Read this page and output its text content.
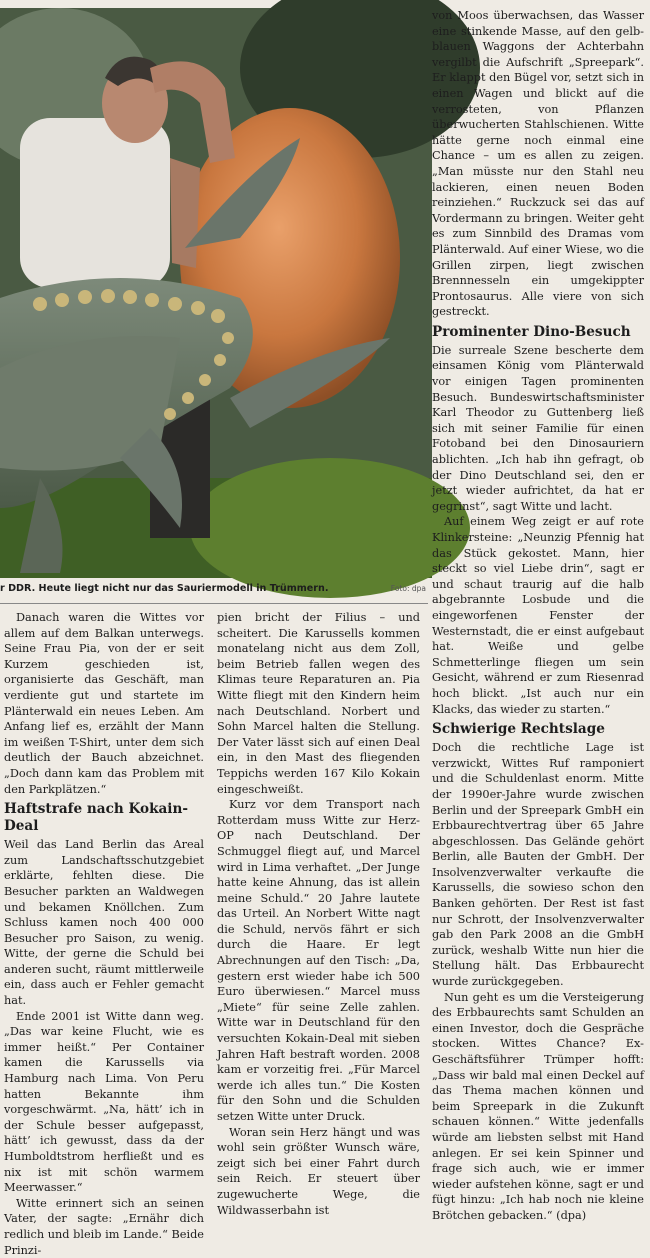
r DDR. Heute liegt nicht nur das Sauriermodell in Trümmern.	Foto: dpa

Danach waren die Wittes vor allem auf dem Balkan unterwegs. Seine Frau Pia, von der er seit Kurzem geschieden ist, organisierte das Geschäft, man verdiente gut und startete im Plänterwald ein neues Leben. Am Anfang lief es, erzählt der Mann im weißen T-Shirt, unter dem sich deutlich der Bauch abzeichnet. „Doch dann kam das Problem mit den Parkplätzen.“

Haftstrafe nach Kokain-Deal

Weil das Land Berlin das Areal zum Landschaftsschutzgebiet erklärte, fehlten diese. Die Besucher parkten an Waldwegen und bekamen Knöllchen. Zum Schluss kamen noch 400 000 Besucher pro Saison, zu wenig. Witte, der gerne die Schuld bei anderen sucht, räumt mittlerweile ein, dass auch er Fehler gemacht hat.

Ende 2001 ist Witte dann weg. „Das war keine Flucht, wie es immer heißt.“ Per Container kamen die Karussells via Hamburg nach Lima. Von Peru hatten Bekannte ihm vorgeschwärmt. „Na, hätt’ ich in der Schule besser aufgepasst, hätt’ ich gewusst, dass da der Humboldtstrom herfließt und es nix ist mit schön warmem Meerwasser.“

Witte erinnert sich an seinen Vater, der sagte: „Ernähr dich redlich und bleib im Lande.“ Beide Prinzi-

pien bricht der Filius – und scheitert. Die Karussells kommen monatelang nicht aus dem Zoll, beim Betrieb fallen wegen des Klimas teure Reparaturen an. Pia Witte fliegt mit den Kindern heim nach Deutschland. Norbert und Sohn Marcel halten die Stellung. Der Vater lässt sich auf einen Deal ein, in den Mast des fliegenden Teppichs werden 167 Kilo Kokain eingeschweißt.

Kurz vor dem Transport nach Rotterdam muss Witte zur Herz-OP nach Deutschland. Der Schmuggel fliegt auf, und Marcel wird in Lima verhaftet. „Der Junge hatte keine Ahnung, das ist allein meine Schuld.“ 20 Jahre lautete das Urteil. An Norbert Witte nagt die Schuld, nervös fährt er sich durch die Haare. Er legt Abrechnungen auf den Tisch: „Da, gestern erst wieder habe ich 500 Euro überwiesen.“ Marcel muss „Miete“ für seine Zelle zahlen. Witte war in Deutschland für den versuchten Kokain-Deal mit sieben Jahren Haft bestraft worden. 2008 kam er vorzeitig frei. „Für Marcel werde ich alles tun.“ Die Kosten für den Sohn und die Schulden setzen Witte unter Druck.

Woran sein Herz hängt und was wohl sein größter Wunsch wäre, zeigt sich bei einer Fahrt durch sein Reich. Er steuert über zugewucherte Wege, die Wildwasserbahn ist

von Moos überwachsen, das Wasser eine stinkende Masse, auf den gelb-blauen Waggons der Achterbahn vergilbt die Aufschrift „Spreepark“. Er klappt den Bügel vor, setzt sich in einen Wagen und blickt auf die verrosteten, von Pflanzen überwucherten Stahlschienen. Witte hätte gerne noch einmal eine Chance – um es allen zu zeigen. „Man müsste nur den Stahl neu lackieren, einen neuen Boden reinziehen.“ Ruckzuck sei das auf Vordermann zu bringen. Weiter geht es zum Sinnbild des Dramas vom Plänterwald. Auf einer Wiese, wo die Grillen zirpen, liegt zwischen Brennnesseln ein umgekippter Prontosaurus. Alle viere von sich gestreckt.

Prominenter Dino-Besuch

Die surreale Szene bescherte dem einsamen König vom Plänterwald vor einigen Tagen prominenten Besuch. Bundeswirtschaftsminister Karl Theodor zu Guttenberg ließ sich mit seiner Familie für einen Fotoband bei den Dinosauriern ablichten. „Ich hab ihn gefragt, ob der Dino Deutschland sei, den er jetzt wieder aufrichtet, da hat er gegrinst“, sagt Witte und lacht.

Auf einem Weg zeigt er auf rote Klinkersteine: „Neunzig Pfennig hat das Stück gekostet. Mann, hier steckt so viel Liebe drin“, sagt er und schaut traurig auf die halb abgebrannte Losbude und die eingeworfenen Fenster der Westernstadt, die er einst aufgebaut hat. Weiße und gelbe Schmetterlinge fliegen um sein Gesicht, während er zum Riesenrad hoch blickt. „Ist auch nur ein Klacks, das wieder zu starten.“

Schwierige Rechtslage

Doch die rechtliche Lage ist verzwickt, Wittes Ruf ramponiert und die Schuldenlast enorm. Mitte der 1990er-Jahre wurde zwischen Berlin und der Spreepark GmbH ein Erbbaurechtvertrag über 65 Jahre abgeschlossen. Das Gelände gehört Berlin, alle Bauten der GmbH. Der Insolvenzverwalter verkaufte die Karussells, die sowieso schon den Banken gehörten. Der Rest ist fast nur Schrott, der Insolvenzverwalter gab den Park 2008 an die GmbH zurück, weshalb Witte nun hier die Stellung hält. Das Erbbaurecht wurde zurückgegeben.

Nun geht es um die Versteigerung des Erbbaurechts samt Schulden an einen Investor, doch die Gespräche stocken. Wittes Chance? Ex-Geschäftsführer Trümper hofft: „Dass wir bald mal einen Deckel auf das Thema machen können und beim Spreepark in die Zukunft schauen können.“ Witte jedenfalls würde am liebsten selbst mit Hand anlegen. Er sei kein Spinner und frage sich auch, wie er immer wieder aufstehen könne, sagt er und fügt hinzu: „Ich hab noch nie kleine Brötchen gebacken.“ (dpa)
